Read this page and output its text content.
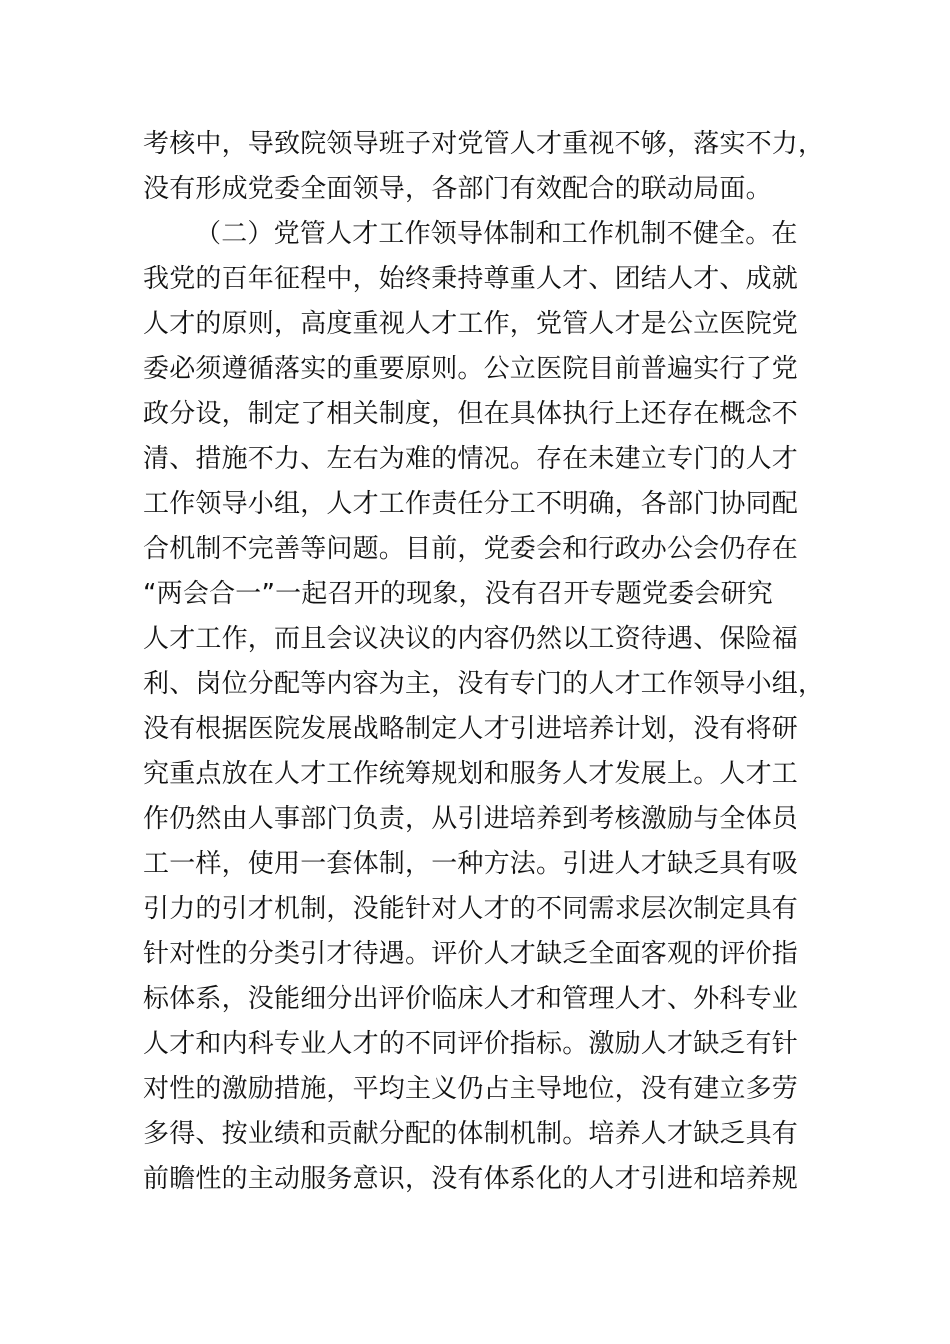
考核中，导致院领导班子对党管人才重视不够，落实不力，
没有形成党委全面领导，各部门有效配合的联动局面。
（二）党管人才工作领导体制和工作机制不健全。在
我党的百年征程中，始终秉持尊重人才、团结人才、成就
人才的原则，高度重视人才工作，党管人才是公立医院党
委必须遵循落实的重要原则。公立医院目前普遍实行了党
政分设，制定了相关制度，但在具体执行上还存在概念不
清、措施不力、左右为难的情况。存在未建立专门的人才
工作领导小组，人才工作责任分工不明确，各部门协同配
合机制不完善等问题。目前，党委会和行政办公会仍存在
“两会合一”一起召开的现象，没有召开专题党委会研究
人才工作，而且会议决议的内容仍然以工资待遇、保险福
利、岗位分配等内容为主，没有专门的人才工作领导小组，
没有根据医院发展战略制定人才引进培养计划，没有将研
究重点放在人才工作统筹规划和服务人才发展上。人才工
作仍然由人事部门负责，从引进培养到考核激励与全体员
工一样，使用一套体制，一种方法。引进人才缺乏具有吸
引力的引才机制，没能针对人才的不同需求层次制定具有
针对性的分类引才待遇。评价人才缺乏全面客观的评价指
标体系，没能细分出评价临床人才和管理人才、外科专业
人才和内科专业人才的不同评价指标。激励人才缺乏有针
对性的激励措施，平均主义仍占主导地位，没有建立多劳
多得、按业绩和贡献分配的体制机制。培养人才缺乏具有
前瞻性的主动服务意识，没有体系化的人才引进和培养规
